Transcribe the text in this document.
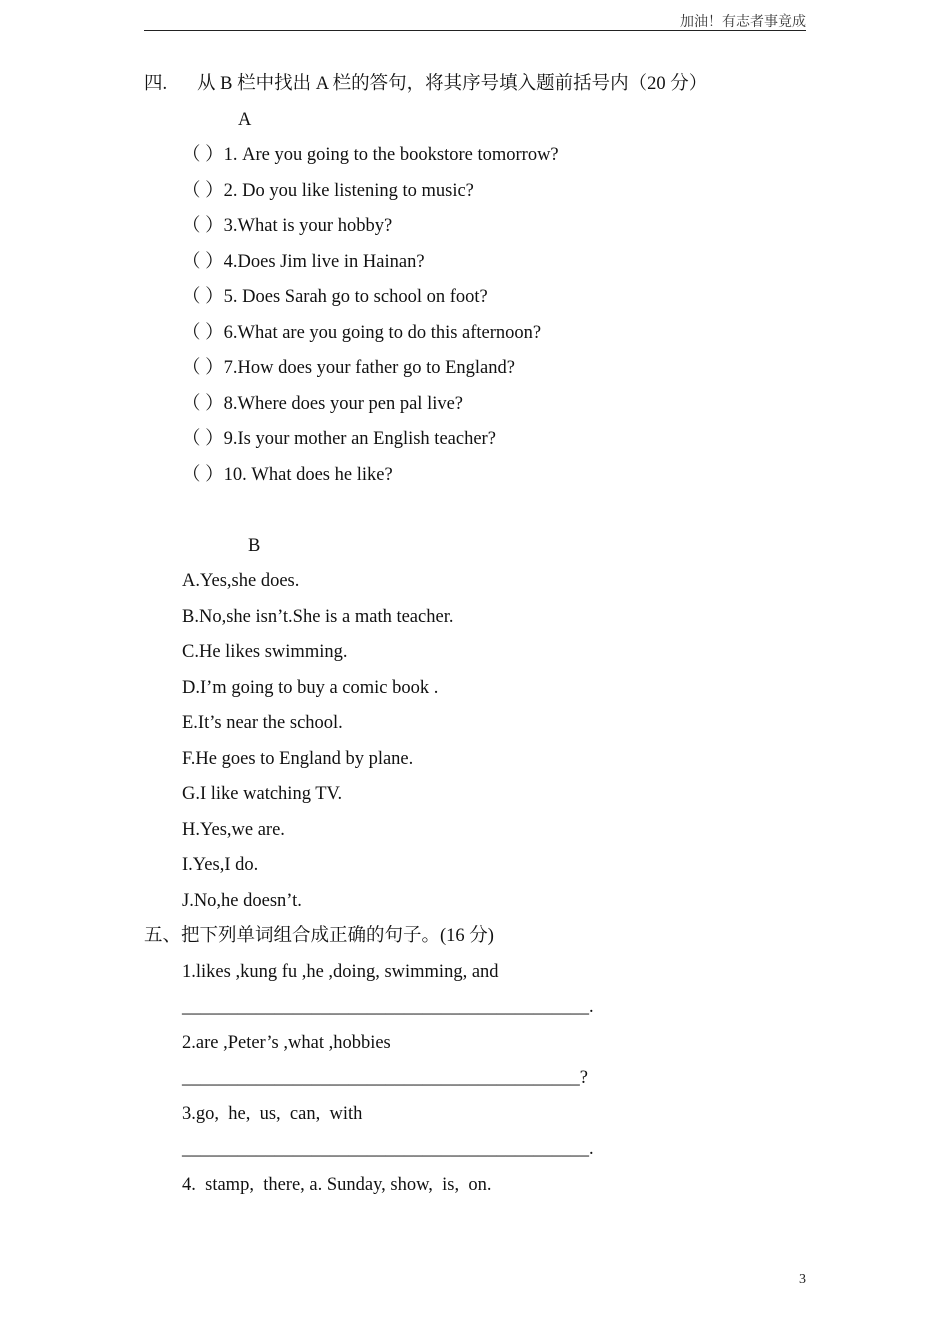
加油！有志者事竟成
四. 从 B 栏中找出 A 栏的答句，将其序号填入题前括号内（20 分）
A
（ ）1. Are you going to the bookstore tomorrow?
（ ）2. Do you like listening to music?
（ ）3.What is your hobby?
（ ）4.Does Jim live in Hainan?
（ ）5. Does Sarah go to school on foot?
（ ）6.What are you going to do this afternoon?
（ ）7.How does your father go to England?
（ ）8.Where does your pen pal live?
（ ）9.Is your mother an English teacher?
（ ）10. What does he like?
B
A.Yes,she does.
B.No,she isn’t.She is a math teacher.
C.He likes swimming.
D.I’m going to buy a comic book .
E.It’s near the school.
F.He goes to England by plane.
G.I like watching TV.
H.Yes,we are.
I.Yes,I do.
J.No,he doesn’t.
五、把下列单词组合成正确的句子。(16 分)
1.likes ,kung fu ,he ,doing, swimming, and
____________________________________________.
2.are ,Peter’s ,what ,hobbies
___________________________________________?
3.go,  he,  us,  can,  with
____________________________________________.
4.  stamp,  there, a. Sunday, show,  is,  on.
3
